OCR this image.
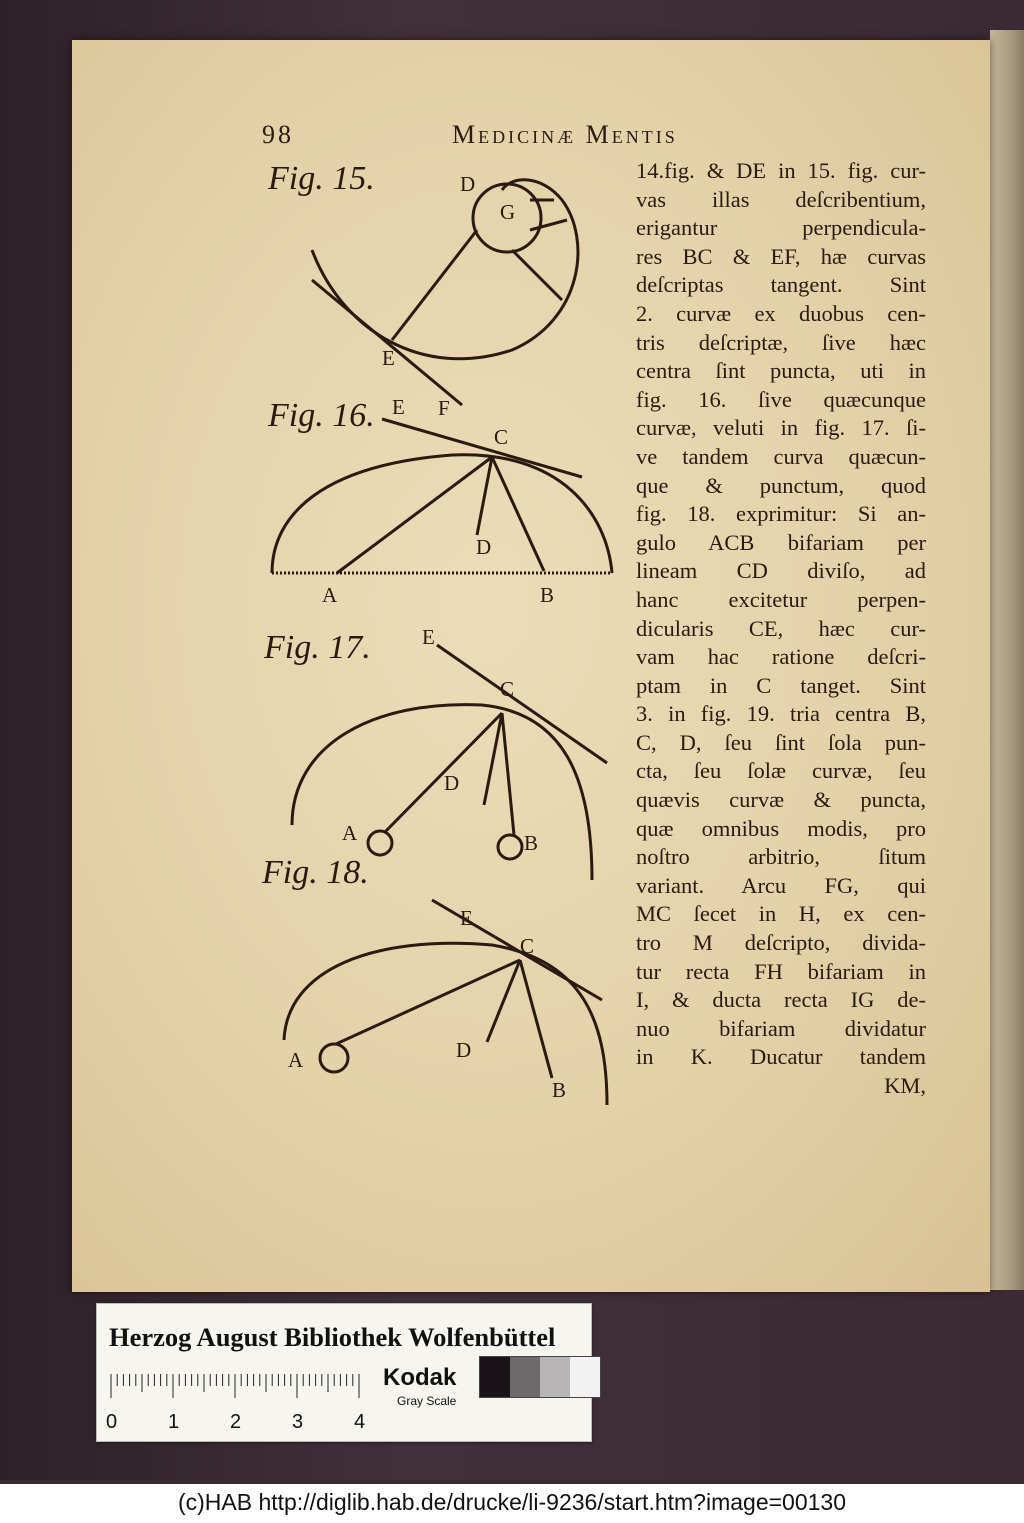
98	Medicinæ Mentis
14.fig. & DE in 15. fig. cur-
vas illas deſcribentium,
erigantur perpendicula-
res BC & EF, hæ curvas
deſcriptas tangent. Sint
2. curvæ ex duobus cen-
tris deſcriptæ, ſive hæc
centra ſint puncta, uti in
fig. 16. ſive quæcunque
curvæ, veluti in fig. 17. ſi-
ve tandem curva quæcun-
que & punctum, quod
fig. 18. exprimitur: Si an-
gulo ACB bifariam per
lineam CD diviſo, ad
hanc excitetur perpen-
dicularis CE, hæc cur-
vam hac ratione deſcri-
ptam in C tanget. Sint
3. in fig. 19. tria centra B,
C, D, ſeu ſint ſola pun-
cta, ſeu ſolæ curvæ, ſeu
quævis curvæ & puncta,
quæ omnibus modis, pro
noſtro arbitrio, ſitum
variant. Arcu FG, qui
MC ſecet in H, ex cen-
tro M deſcripto, divida-
tur recta FH bifariam in
I, & ducta recta IG de-
nuo bifariam dividatur
in K. Ducatur tandem
KM,
Fig. 15.	D
G
E
F
Fig. 16. E
C
D
A	B
Fig. 17. E
C
D
A	B
Fig. 18.
E
C
D
A
B
Herzog August Bibliothek Wolfenbüttel
0	1	2	3	4
Kodak
Gray Scale
(c)HAB http://diglib.hab.de/drucke/li-9236/start.htm?image=00130
